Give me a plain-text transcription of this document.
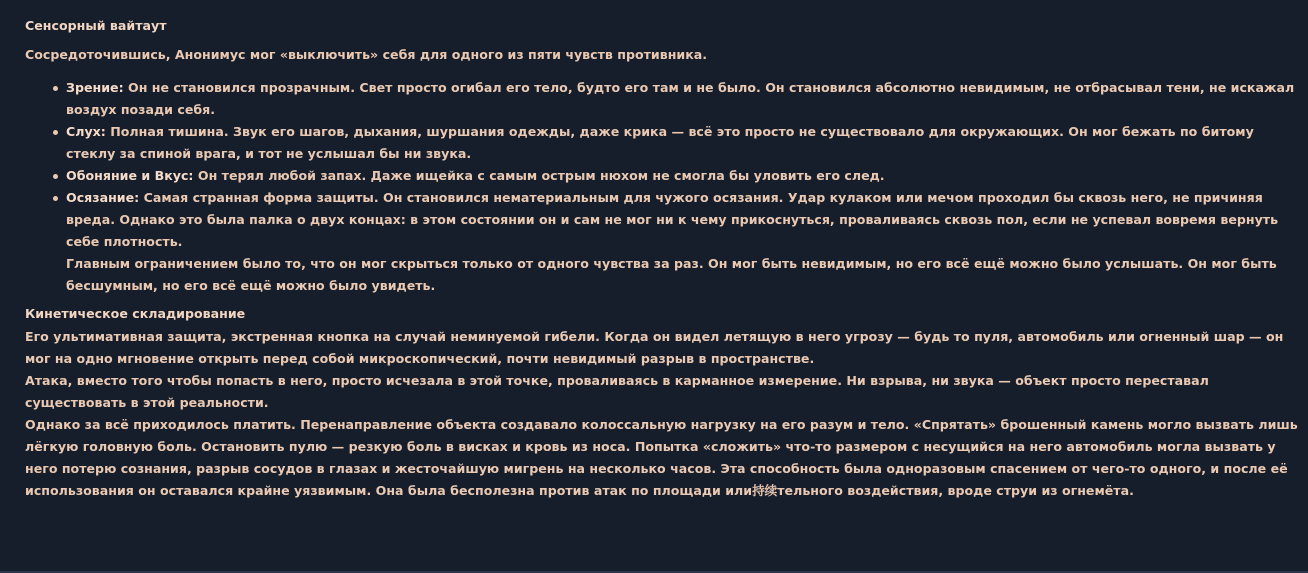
Сенсорный вайтаут

Сосредоточившись, Анонимус мог «выключить» себя для одного из пяти чувств противника.

Зрение: Он не становился прозрачным. Свет просто огибал его тело, будто его там и не было. Он становился абсолютно невидимым, не отбрасывал тени, не искажал воздух позади себя.
Слух: Полная тишина. Звук его шагов, дыхания, шуршания одежды, даже крика — всё это просто не существовало для окружающих. Он мог бежать по битому стеклу за спиной врага, и тот не услышал бы ни звука.
Обоняние и Вкус: Он терял любой запах. Даже ищейка с самым острым нюхом не смогла бы уловить его след.
Осязание: Самая странная форма защиты. Он становился нематериальным для чужого осязания. Удар кулаком или мечом проходил бы сквозь него, не причиняя вреда. Однако это была палка о двух концах: в этом состоянии он и сам не мог ни к чему прикоснуться, проваливаясь сквозь пол, если не успевал вовремя вернуть себе плотность.
Главным ограничением было то, что он мог скрыться только от одного чувства за раз. Он мог быть невидимым, но его всё ещё можно было услышать. Он мог быть бесшумным, но его всё ещё можно было увидеть.
Кинетическое складирование

Его ультимативная защита, экстренная кнопка на случай неминуемой гибели. Когда он видел летящую в него угрозу — будь то пуля, автомобиль или огненный шар — он мог на одно мгновение открыть перед собой микроскопический, почти невидимый разрыв в пространстве.

Атака, вместо того чтобы попасть в него, просто исчезала в этой точке, проваливаясь в карманное измерение. Ни взрыва, ни звука — объект просто переставал существовать в этой реальности.

Однако за всё приходилось платить. Перенаправление объекта создавало колоссальную нагрузку на его разум и тело. «Спрятать» брошенный камень могло вызвать лишь лёгкую головную боль. Остановить пулю — резкую боль в висках и кровь из носа. Попытка «сложить» что-то размером с несущийся на него автомобиль могла вызвать у него потерю сознания, разрыв сосудов в глазах и жесточайшую мигрень на несколько часов. Эта способность была одноразовым спасением от чего-то одного, и после её использования он оставался крайне уязвимым. Она была бесполезна против атак по площади или持续тельного воздействия, вроде струи из огнемёта.
